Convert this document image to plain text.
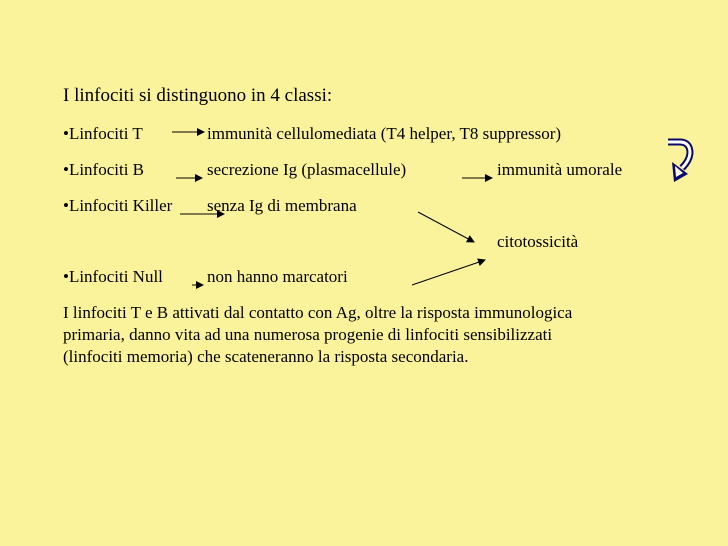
I linfociti si distinguono in 4 classi:
•Linfociti T	immunità cellulomediata (T4 helper, T8 suppressor)
•Linfociti B	secrezione Ig (plasmacellule)	immunità umorale
•Linfociti Killer senza Ig di membrana
citotossicità
•Linfociti Null	non hanno marcatori
I linfociti T e B attivati dal contatto con Ag, oltre la risposta immunologica
primaria, danno vita ad una numerosa progenie di linfociti sensibilizzati
(linfociti memoria) che scateneranno la risposta secondaria.
